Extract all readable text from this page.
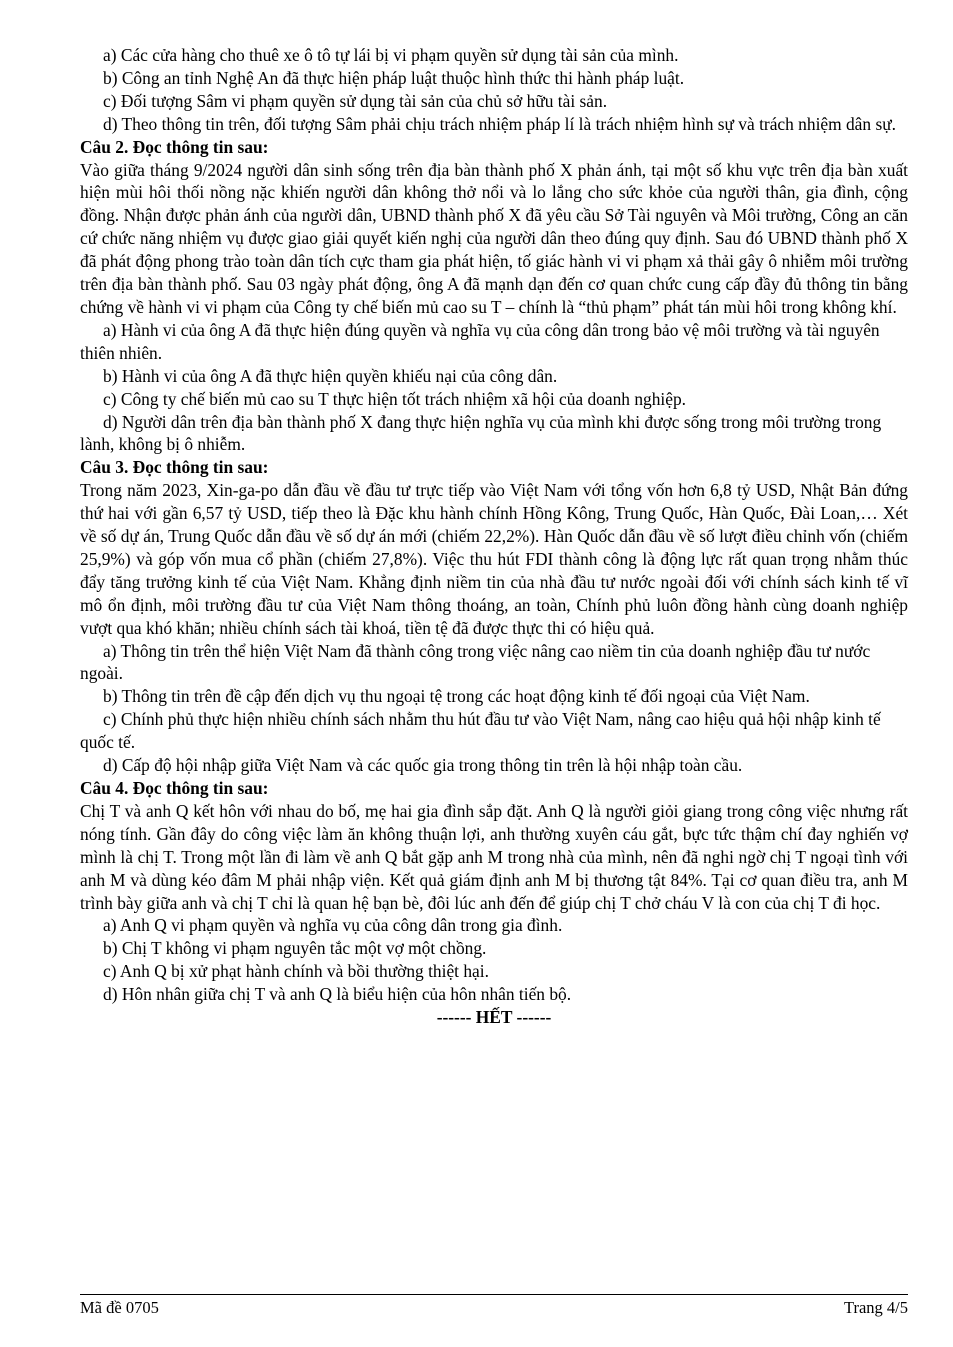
a) Các cửa hàng cho thuê xe ô tô tự lái bị vi phạm quyền sử dụng tài sản của mình.

b) Công an tỉnh Nghệ An đã thực hiện pháp luật thuộc hình thức thi hành pháp luật.

c) Đối tượng Sâm vi phạm quyền sử dụng tài sản của chủ sở hữu tài sản.

d) Theo thông tin trên, đối tượng Sâm phải chịu trách nhiệm pháp lí là trách nhiệm hình sự và trách nhiệm dân sự.

Câu 2. Đọc thông tin sau:

Vào giữa tháng 9/2024 người dân sinh sống trên địa bàn thành phố X phản ánh, tại một số khu vực trên địa bàn xuất hiện mùi hôi thối nồng nặc khiến người dân không thở nổi và lo lắng cho sức khỏe của người thân, gia đình, cộng đồng. Nhận được phản ánh của người dân, UBND thành phố X đã yêu cầu Sở Tài nguyên và Môi trường, Công an căn cứ chức năng nhiệm vụ được giao giải quyết kiến nghị của người dân theo đúng quy định. Sau đó UBND thành phố X đã phát động phong trào toàn dân tích cực tham gia phát hiện, tố giác hành vi vi phạm xả thải gây ô nhiễm môi trường trên địa bàn thành phố. Sau 03 ngày phát động, ông A đã mạnh dạn đến cơ quan chức cung cấp đầy đủ thông tin bằng chứng về hành vi vi phạm của Công ty chế biến mủ cao su T – chính là “thủ phạm” phát tán mùi hôi trong không khí.

a) Hành vi của ông A đã thực hiện đúng quyền và nghĩa vụ của công dân trong bảo vệ môi trường và tài nguyên thiên nhiên.

b) Hành vi của ông A đã thực hiện quyền khiếu nại của công dân.

c) Công ty chế biến mủ cao su T thực hiện tốt trách nhiệm xã hội của doanh nghiệp.

d) Người dân trên địa bàn thành phố X đang thực hiện nghĩa vụ của mình khi được sống trong môi trường trong lành, không bị ô nhiễm.

Câu 3. Đọc thông tin sau:

Trong năm 2023, Xin-ga-po dẫn đầu về đầu tư trực tiếp vào Việt Nam với tổng vốn hơn 6,8 tỷ USD, Nhật Bản đứng thứ hai với gần 6,57 tỷ USD, tiếp theo là Đặc khu hành chính Hồng Kông, Trung Quốc, Hàn Quốc, Đài Loan,… Xét về số dự án, Trung Quốc dẫn đầu về số dự án mới (chiếm 22,2%). Hàn Quốc dẫn đầu về số lượt điều chỉnh vốn (chiếm 25,9%) và góp vốn mua cổ phần (chiếm 27,8%). Việc thu hút FDI thành công là động lực rất quan trọng nhằm thúc đẩy tăng trưởng kinh tế của Việt Nam. Khẳng định niềm tin của nhà đầu tư nước ngoài đối với chính sách kinh tế vĩ mô ổn định, môi trường đầu tư của Việt Nam thông thoáng, an toàn, Chính phủ luôn đồng hành cùng doanh nghiệp vượt qua khó khăn; nhiều chính sách tài khoá, tiền tệ đã được thực thi có hiệu quả.

a) Thông tin trên thể hiện Việt Nam đã thành công trong việc nâng cao niềm tin của doanh nghiệp đầu tư nước ngoài.

b) Thông tin trên đề cập đến dịch vụ thu ngoại tệ trong các hoạt động kinh tế đối ngoại của Việt Nam.

c) Chính phủ thực hiện nhiều chính sách nhằm thu hút đầu tư vào Việt Nam, nâng cao hiệu quả hội nhập kinh tế quốc tế.

d) Cấp độ hội nhập giữa Việt Nam và các quốc gia trong thông tin trên là hội nhập toàn cầu.

Câu 4. Đọc thông tin sau:

Chị T và anh Q kết hôn với nhau do bố, mẹ hai gia đình sắp đặt. Anh Q là người giỏi giang trong công việc nhưng rất nóng tính. Gần đây do công việc làm ăn không thuận lợi, anh thường xuyên cáu gắt, bực tức thậm chí đay nghiến vợ mình là chị T. Trong một lần đi làm về anh Q bắt gặp anh M trong nhà của mình, nên đã nghi ngờ chị T ngoại tình với anh M và dùng kéo đâm M phải nhập viện. Kết quả giám định anh M bị thương tật 84%. Tại cơ quan điều tra, anh M trình bày giữa anh và chị T chỉ là quan hệ bạn bè, đôi lúc anh đến để giúp chị T chở cháu V là con của chị T đi học.

a) Anh Q vi phạm quyền và nghĩa vụ của công dân trong gia đình.

b) Chị T không vi phạm nguyên tắc một vợ một chồng.

c) Anh Q bị xử phạt hành chính và bồi thường thiệt hại.

d) Hôn nhân giữa chị T và anh Q là biểu hiện của hôn nhân tiến bộ.

------ HẾT ------

Mã đề 0705	Trang 4/5
